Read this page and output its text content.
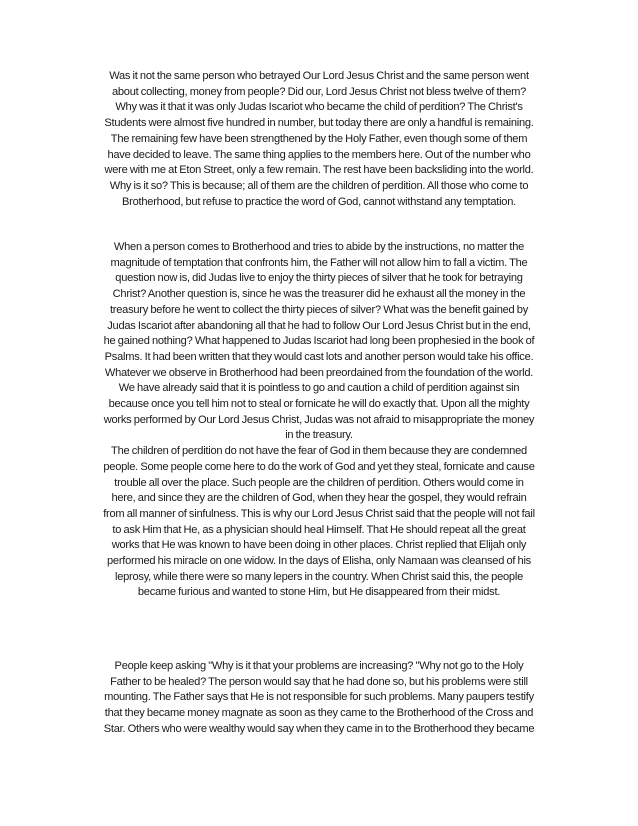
Was it not the same person who betrayed Our Lord Jesus Christ and the same person went
about collecting, money from people? Did our, Lord Jesus Christ not bless twelve of them?
Why was it that it was only Judas Iscariot who became the child of perdition? The Christ's
Students were almost five hundred in number, but today there are only a handful is remaining.
The remaining few have been strengthened by the Holy Father, even though some of them
have decided to leave. The same thing applies to the members here. Out of the number who
were with me at Eton Street, only a few remain. The rest have been backsliding into the world.
Why is it so? This is because; all of them are the children of perdition. All those who come to
Brotherhood, but refuse to practice the word of God, cannot withstand any temptation.

When a person comes to Brotherhood and tries to abide by the instructions, no matter the
magnitude of temptation that confronts him, the Father will not allow him to fall a victim. The
question now is, did Judas live to enjoy the thirty pieces of silver that he took for betraying
Christ? Another question is, since he was the treasurer did he exhaust all the money in the
treasury before he went to collect the thirty pieces of silver? What was the benefit gained by
Judas Iscariot after abandoning all that he had to follow Our Lord Jesus Christ but in the end,
he gained nothing? What happened to Judas Iscariot had long been prophesied in the book of
Psalms. It had been written that they would cast lots and another person would take his office.
Whatever we observe in Brotherhood had been preordained from the foundation of the world.
We have already said that it is pointless to go and caution a child of perdition against sin
because once you tell him not to steal or fornicate he will do exactly that. Upon all the mighty
works performed by Our Lord Jesus Christ, Judas was not afraid to misappropriate the money
in the treasury.
The children of perdition do not have the fear of God in them because they are condemned
people. Some people come here to do the work of God and yet they steal, fornicate and cause
trouble all over the place. Such people are the children of perdition. Others would come in
here, and since they are the children of God, when they hear the gospel, they would refrain
from all manner of sinfulness. This is why our Lord Jesus Christ said that the people will not fail
to ask Him that He, as a physician should heal Himself. That He should repeat all the great
works that He was known to have been doing in other places. Christ replied that Elijah only
performed his miracle on one widow. In the days of Elisha, only Namaan was cleansed of his
leprosy, while there were so many lepers in the country. When Christ said this, the people
became furious and wanted to stone Him, but He disappeared from their midst.

People keep asking "Why is it that your problems are increasing? "Why not go to the Holy
Father to be healed? The person would say that he had done so, but his problems were still
mounting. The Father says that He is not responsible for such problems. Many paupers testify
that they became money magnate as soon as they came to the Brotherhood of the Cross and
Star. Others who were wealthy would say when they came in to the Brotherhood they became
